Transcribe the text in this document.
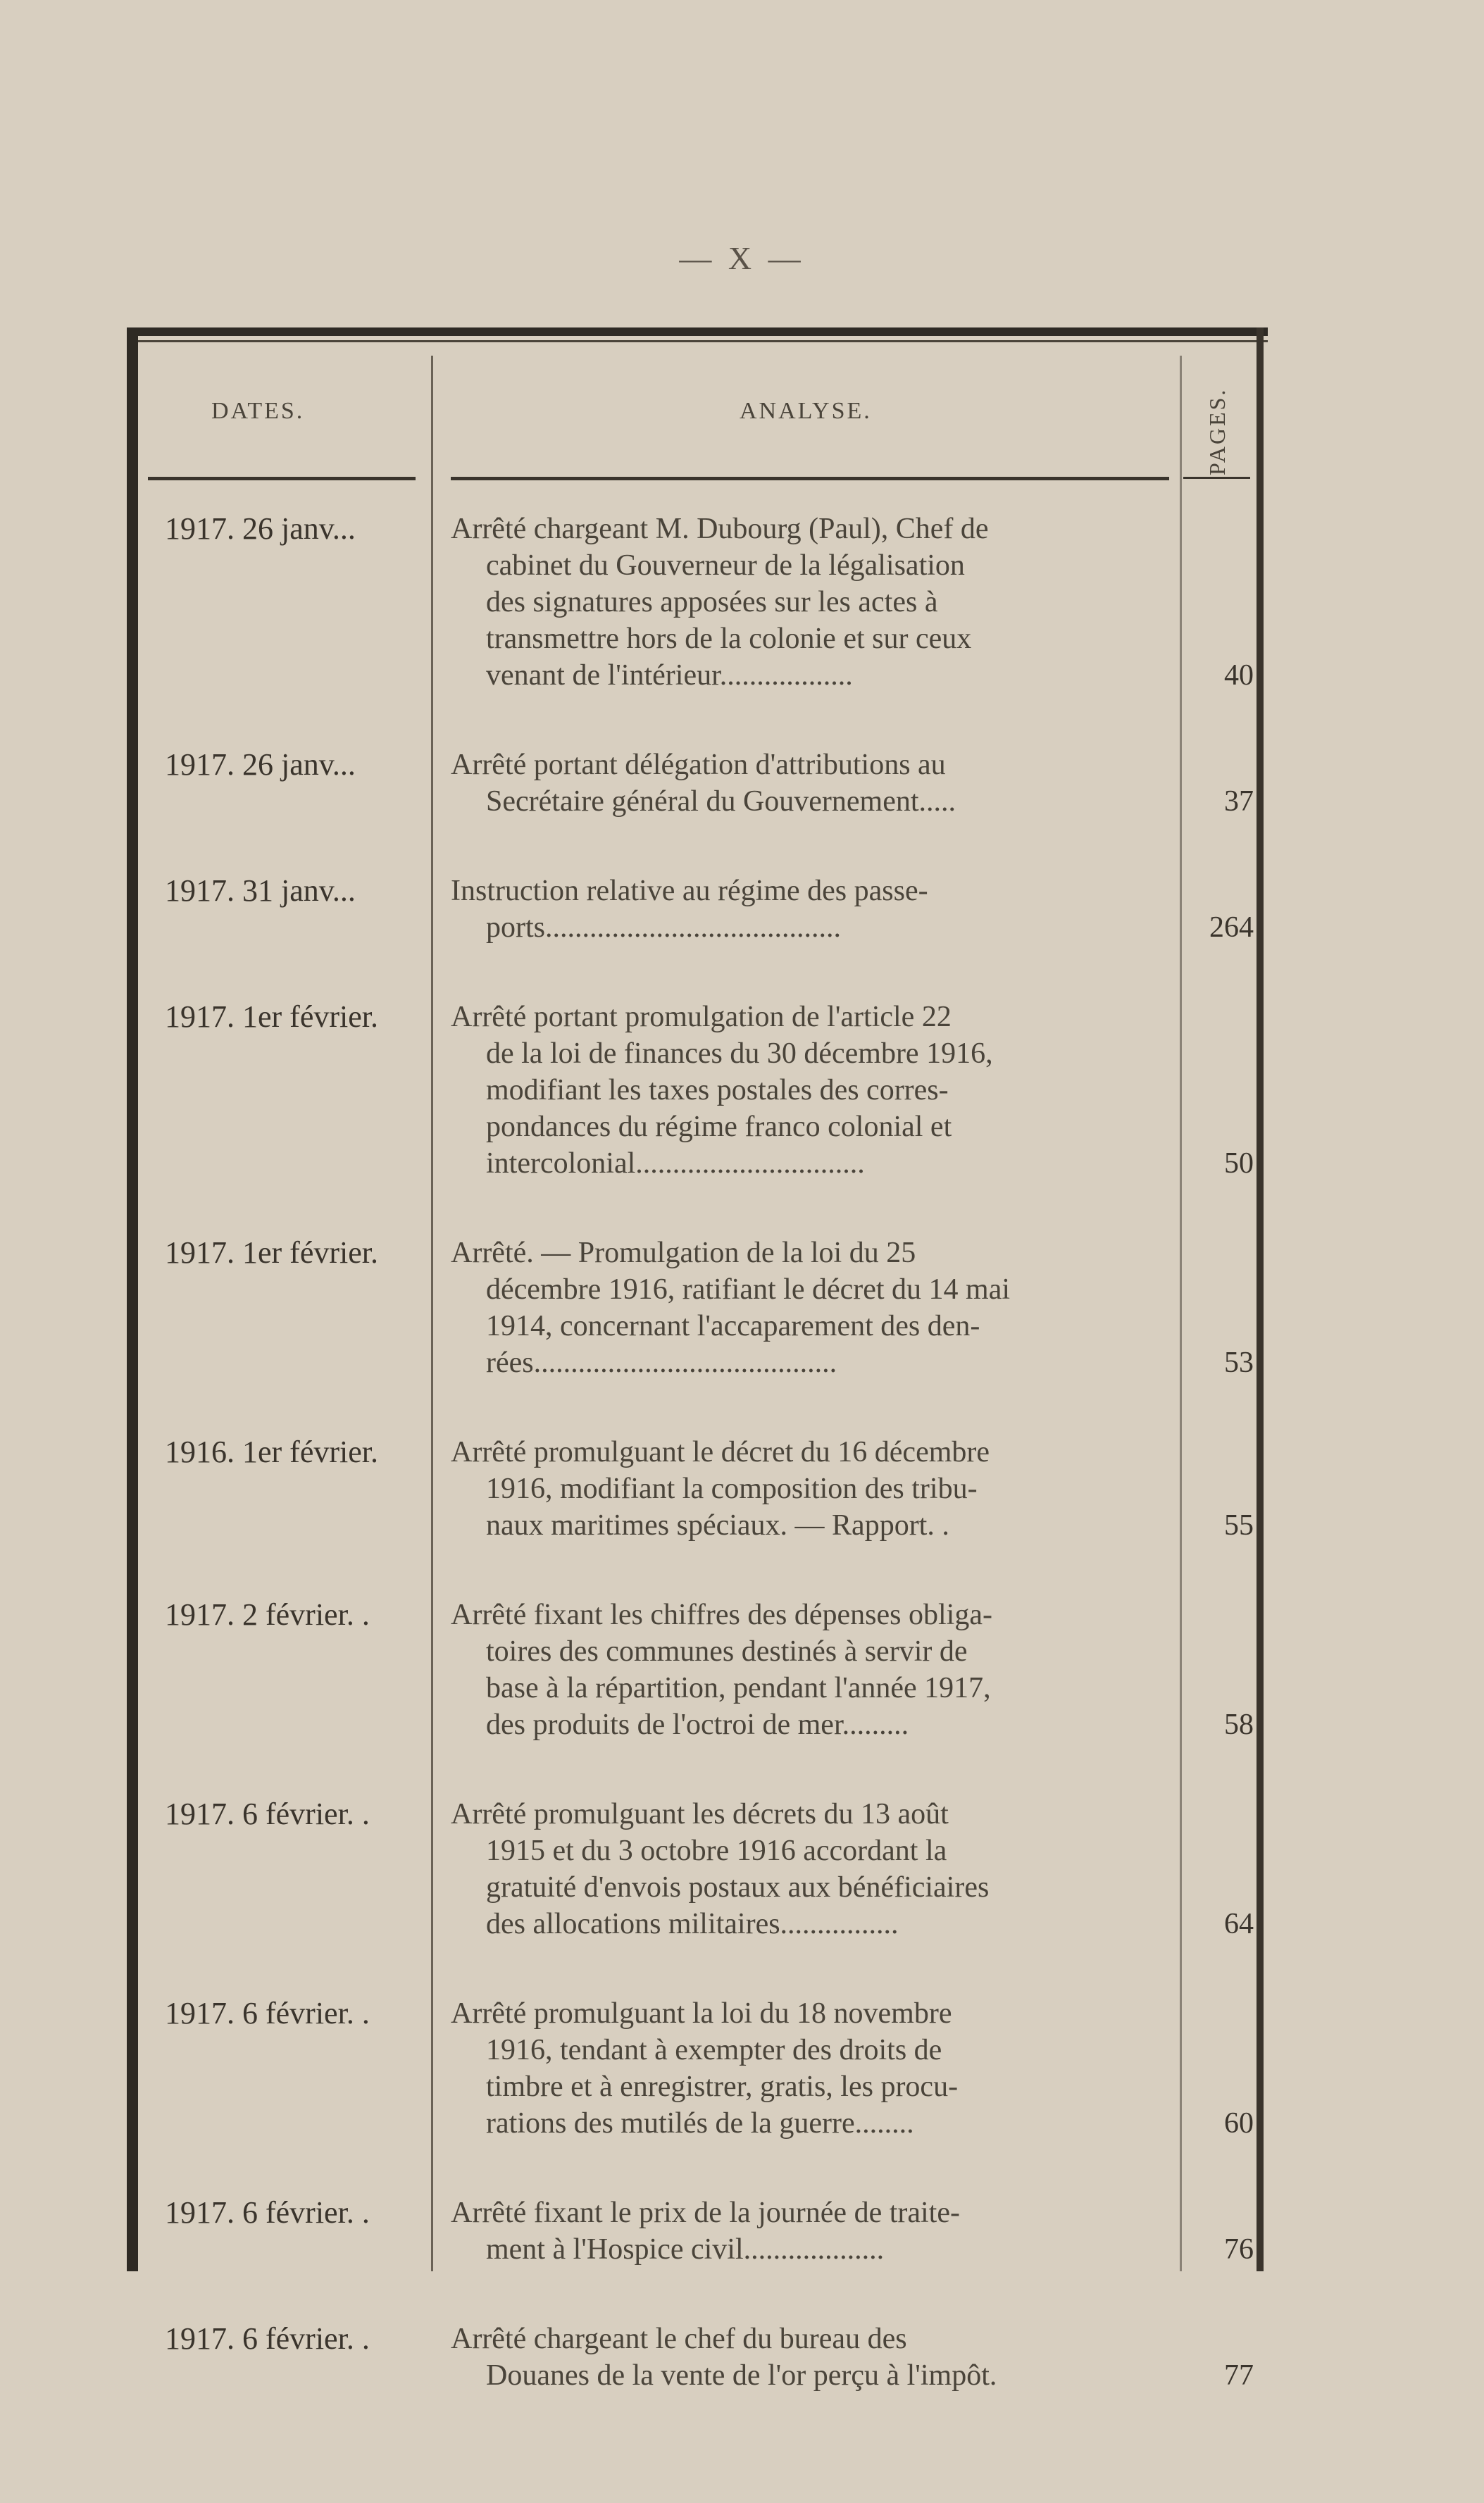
— X —
DATES.	ANALYSE.	PAGES.
1917. 26 janv...	Arrêté chargeant M. Dubourg (Paul), Chef de
cabinet du Gouverneur de la légalisation
des signatures apposées sur les actes à
transmettre hors de la colonie et sur ceux
venant de l'intérieur..................	40
1917. 26 janv...	Arrêté portant délégation d'attributions au
Secrétaire général du Gouvernement.....	37
1917. 31 janv...	Instruction relative au régime des passe-
ports........................................	264
1917. 1er février.	Arrêté portant promulgation de l'article 22
de la loi de finances du 30 décembre 1916,
modifiant les taxes postales des corres-
pondances du régime franco colonial et
intercolonial...............................	50
1917. 1er février.	Arrêté. — Promulgation de la loi du 25
décembre 1916, ratifiant le décret du 14 mai
1914, concernant l'accaparement des den-
rées.........................................	53
1916. 1er février.	Arrêté promulguant le décret du 16 décembre
1916, modifiant la composition des tribu-
naux maritimes spéciaux. — Rapport. .	55
1917. 2 février. .	Arrêté fixant les chiffres des dépenses obliga-
toires des communes destinés à servir de
base à la répartition, pendant l'année 1917,
des produits de l'octroi de mer.........	58
1917. 6 février. .	Arrêté promulguant les décrets du 13 août
1915 et du 3 octobre 1916 accordant la
gratuité d'envois postaux aux bénéficiaires
des allocations militaires................	64
1917. 6 février. .	Arrêté promulguant la loi du 18 novembre
1916, tendant à exempter des droits de
timbre et à enregistrer, gratis, les procu-
rations des mutilés de la guerre........	60
1917. 6 février. .	Arrêté fixant le prix de la journée de traite-
ment à l'Hospice civil...................	76
1917. 6 février. .	Arrêté chargeant le chef du bureau des
Douanes de la vente de l'or perçu à l'impôt.	77
